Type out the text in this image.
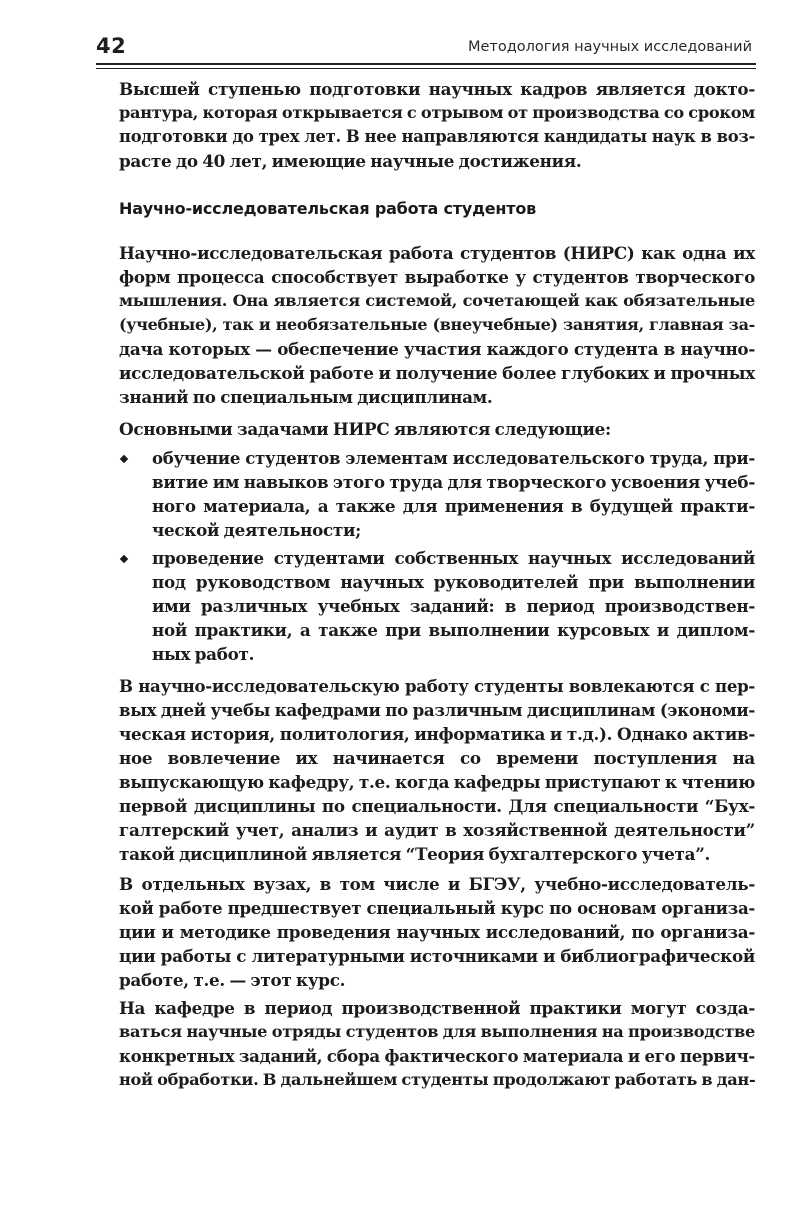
42	Методология научных исследований
Высшей ступенью подготовки научных кадров является докто-
рантура, которая открывается с отрывом от производства со сроком
подготовки до трех лет. В нее направляются кандидаты наук в воз-
расте до 40 лет, имеющие научные достижения.
Научно-исследовательская работа студентов
Научно-исследовательская работа студентов (НИРС) как одна их
форм процесса способствует выработке у студентов творческого
мышления. Она является системой, сочетающей как обязательные
(учебные), так и необязательные (внеучебные) занятия, главная за-
дача которых — обеспечение участия каждого студента в научно-
исследовательской работе и получение более глубоких и прочных
знаний по специальным дисциплинам.
Основными задачами НИРС являются следующие:
обучение студентов элементам исследовательского труда, при-
витие им навыков этого труда для творческого усвоения учеб-
ного материала, а также для применения в будущей практи-
ческой деятельности;
проведение студентами собственных научных исследований
под руководством научных руководителей при выполнении
ими различных учебных заданий: в период производствен-
ной практики, а также при выполнении курсовых и диплом-
ных работ.
В научно-исследовательскую работу студенты вовлекаются с пер-
вых дней учебы кафедрами по различным дисциплинам (экономи-
ческая история, политология, информатика и т.д.). Однако актив-
ное вовлечение их начинается со времени поступления на
выпускающую кафедру, т.е. когда кафедры приступают к чтению
первой дисциплины по специальности. Для специальности “Бух-
галтерский учет, анализ и аудит в хозяйственной деятельности”
такой дисциплиной является “Теория бухгалтерского учета”.
В отдельных вузах, в том числе и БГЭУ, учебно-исследователь-
кой работе предшествует специальный курс по основам организа-
ции и методике проведения научных исследований, по организа-
ции работы с литературными источниками и библиографической
работе, т.е. — этот курс.
На кафедре в период производственной практики могут созда-
ваться научные отряды студентов для выполнения на производстве
конкретных заданий, сбора фактического материала и его первич-
ной обработки. В дальнейшем студенты продолжают работать в дан-
